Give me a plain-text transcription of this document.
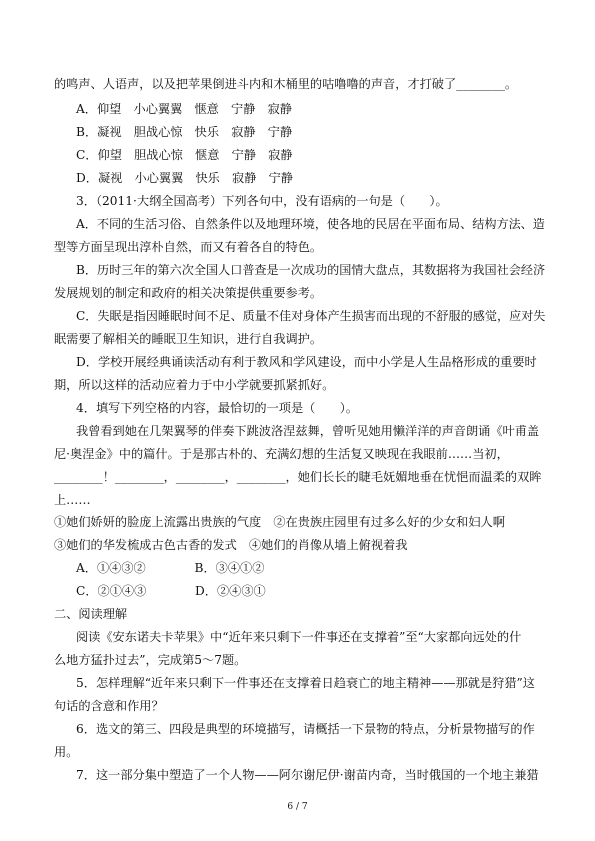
的鸣声、人语声，以及把苹果倒进斗内和木桶里的咕噜噜的声音，才打破了________。
A．仰望　小心翼翼　惬意　宁静　寂静
B．凝视　胆战心惊　快乐　寂静　宁静
C．仰望　胆战心惊　惬意　宁静　寂静
D．凝视　小心翼翼　快乐　寂静　宁静
3．（2011·大纲全国高考）下列各句中，没有语病的一句是（　　）。
A．不同的生活习俗、自然条件以及地理环境，使各地的民居在平面布局、结构方法、造
型等方面呈现出淳朴自然，而又有着各自的特色。
B．历时三年的第六次全国人口普查是一次成功的国情大盘点，其数据将为我国社会经济
发展规划的制定和政府的相关决策提供重要参考。
C．失眠是指因睡眠时间不足、质量不佳对身体产生损害而出现的不舒服的感觉，应对失
眠需要了解相关的睡眠卫生知识，进行自我调护。
D．学校开展经典诵读活动有利于教风和学风建设，而中小学是人生品格形成的重要时
期，所以这样的活动应着力于中小学就要抓紧抓好。
4．填写下列空格的内容，最恰切的一项是（　　）。
我曾看到她在几架翼琴的伴奏下跳波洛涅兹舞，曾听见她用懒洋洋的声音朗诵《叶甫盖
尼·奥涅金》中的篇什。于是那古朴的、充满幻想的生活复又映现在我眼前……当初，
________！________，________，________，她们长长的睫毛妩媚地垂在忧悒而温柔的双眸
上……
①她们娇妍的脸庞上流露出贵族的气度　②在贵族庄园里有过多么好的少女和妇人啊
③她们的华发梳成古色古香的发式　④她们的肖像从墙上俯视着我
A．①④③②　　　　B．③④①②
C．②①④③　　　　D．②④③①
二、阅读理解
阅读《安东诺夫卡苹果》中“近年来只剩下一件事还在支撑着”至“大家都向远处的什
么地方猛扑过去”，完成第5～7题。
5．怎样理解“近年来只剩下一件事还在支撑着日趋衰亡的地主精神——那就是狩猎”这
句话的含意和作用？
6．选文的第三、四段是典型的环境描写，请概括一下景物的特点，分析景物描写的作
用。
7．这一部分集中塑造了一个人物——阿尔谢尼伊·谢苗内奇，当时俄国的一个地主兼猎
6 / 7
